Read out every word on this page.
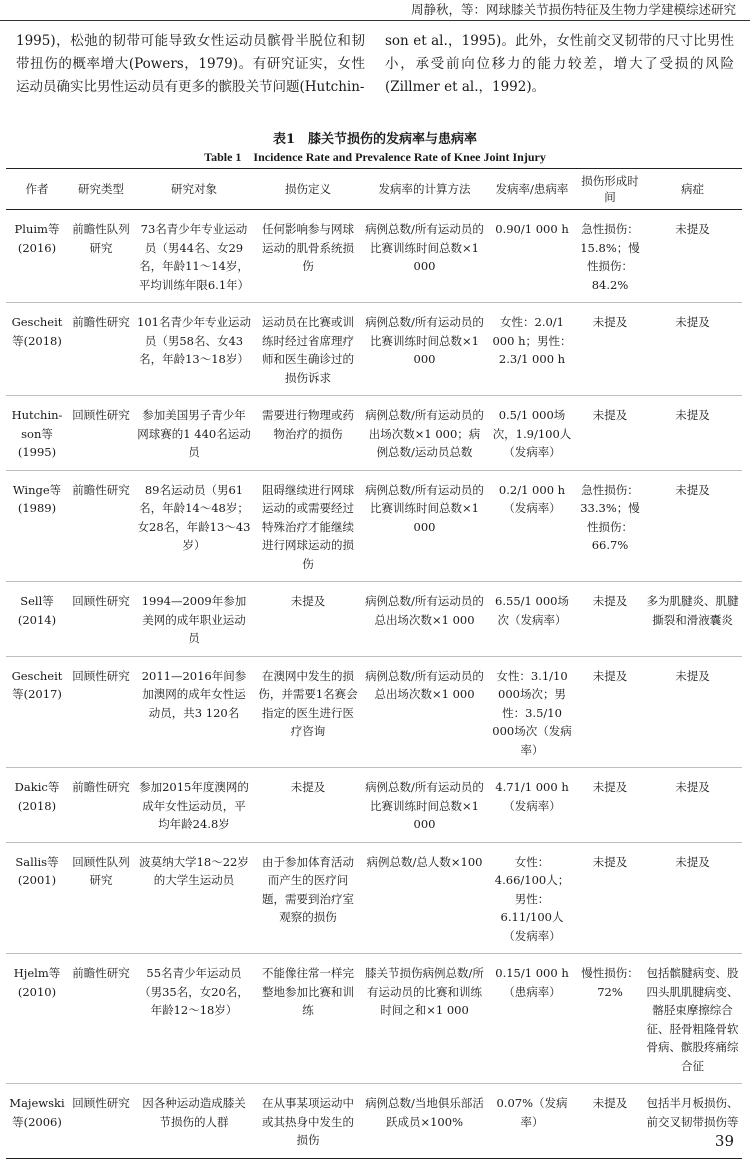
周静秋，等：网球膝关节损伤特征及生物力学建模综述研究
1995)，松弛的韧带可能导致女性运动员髌骨半脱位和韧带扭伤的概率增大(Powers，1979)。有研究证实，女性运动员确实比男性运动员有更多的髌股关节问题(Hutchin-
son et al.，1995)。此外，女性前交叉韧带的尺寸比男性小，承受前向位移力的能力较差，增大了受损的风险(Zillmer et al.，1992)。
表1　膝关节损伤的发病率与患病率
Table 1　Incidence Rate and Prevalence Rate of Knee Joint Injury
作者	研究类型	研究对象	损伤定义	发病率的计算方法	发病率/患病率	损伤形成时间	病症
Pluim等(2016)	前瞻性队列研究	73名青少年专业运动员（男44名、女29名，年龄11～14岁，平均训练年限6.1年）	任何影响参与网球运动的肌骨系统损伤	病例总数/所有运动员的比赛训练时间总数×1 000	0.90/1 000 h	急性损伤：15.8%；慢性损伤：84.2%	未提及
Gescheit等(2018)	前瞻性研究	101名青少年专业运动员（男58名、女43名，年龄13～18岁）	运动员在比赛或训练时经过省席理疗师和医生确诊过的损伤诉求	病例总数/所有运动员的比赛训练时间总数×1 000	女性：2.0/1 000 h；男性：2.3/1 000 h	未提及	未提及
Hutchin-son等(1995)	回顾性研究	参加美国男子青少年网球赛的1 440名运动员	需要进行物理或药物治疗的损伤	病例总数/所有运动员的出场次数×1 000；病例总数/运动员总数	0.5/1 000场次，1.9/100人（发病率）	未提及	未提及
Winge等(1989)	前瞻性研究	89名运动员（男61名，年龄14～48岁；女28名，年龄13～43岁）	阻碍继续进行网球运动的或需要经过特殊治疗才能继续进行网球运动的损伤	病例总数/所有运动员的比赛训练时间总数×1 000	0.2/1 000 h（发病率）	急性损伤：33.3%；慢性损伤：66.7%	未提及
Sell等(2014)	回顾性研究	1994—2009年参加美网的成年职业运动员	未提及	病例总数/所有运动员的总出场次数×1 000	6.55/1 000场次（发病率）	未提及	多为肌腱炎、肌腱撕裂和滑液囊炎
Gescheit等(2017)	回顾性研究	2011—2016年间参加澳网的成年女性运动员，共3 120名	在澳网中发生的损伤，并需要1名赛会指定的医生进行医疗咨询	病例总数/所有运动员的总出场次数×1 000	女性：3.1/10 000场次；男性：3.5/10 000场次（发病率）	未提及	未提及
Dakic等(2018)	前瞻性研究	参加2015年度澳网的成年女性运动员，平均年龄24.8岁	未提及	病例总数/所有运动员的比赛训练时间总数×1 000	4.71/1 000 h（发病率）	未提及	未提及
Sallis等(2001)	回顾性队列研究	波莫纳大学18～22岁的大学生运动员	由于参加体育活动而产生的医疗问题，需要到治疗室观察的损伤	病例总数/总人数×100	女性：4.66/100人；男性：6.11/100人（发病率）	未提及	未提及
Hjelm等(2010)	前瞻性研究	55名青少年运动员（男35名，女20名，年龄12～18岁）	不能像往常一样完整地参加比赛和训练	膝关节损伤病例总数/所有运动员的比赛和训练时间之和×1 000	0.15/1 000 h（患病率）	慢性损伤：72%	包括髌腱病变、股四头肌肌腱病变、髂胫束摩擦综合征、胫骨粗隆骨软骨病、髌股疼痛综合征
Majewski等(2006)	回顾性研究	因各种运动造成膝关节损伤的人群	在从事某项运动中或其热身中发生的损伤	病例总数/当地俱乐部活跃成员×100%	0.07%（发病率）	未提及	包括半月板损伤、前交叉韧带损伤等
39
